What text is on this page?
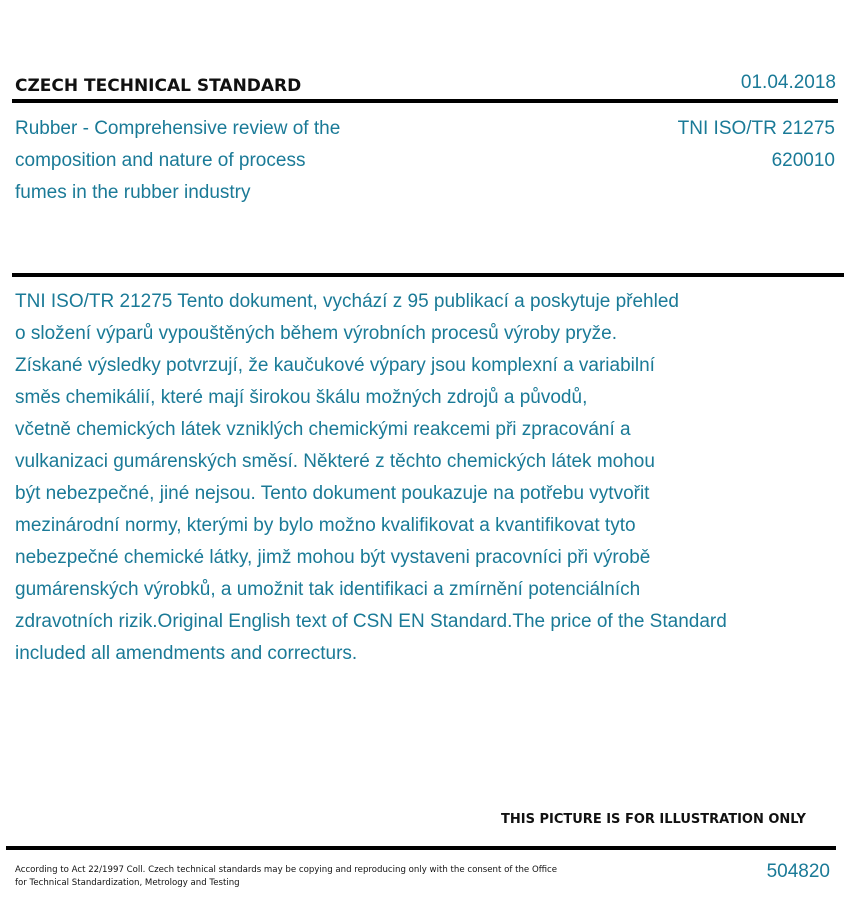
CZECH TECHNICAL STANDARD	01.04.2018
Rubber - Comprehensive review of the
composition and nature of process
fumes in the rubber industry
TNI ISO/TR 21275
620010
TNI ISO/TR 21275 Tento dokument, vychází z 95 publikací a poskytuje přehled
o složení výparů vypouštěných během výrobních procesů výroby pryže.
Získané výsledky potvrzují, že kaučukové výpary jsou komplexní a variabilní
směs chemikálií, které mají širokou škálu možných zdrojů a původů,
včetně chemických látek vzniklých chemickými reakcemi při zpracování a
vulkanizaci gumárenských směsí. Některé z těchto chemických látek mohou
být nebezpečné, jiné nejsou. Tento dokument poukazuje na potřebu vytvořit
mezinárodní normy, kterými by bylo možno kvalifikovat a kvantifikovat tyto
nebezpečné chemické látky, jimž mohou být vystaveni pracovníci při výrobě
gumárenských výrobků, a umožnit tak identifikaci a zmírnění potenciálních
zdravotních rizik.Original English text of CSN EN Standard.The price of the Standard
included all amendments and correcturs.
THIS PICTURE IS FOR ILLUSTRATION ONLY
According to Act 22/1997 Coll. Czech technical standards may be copying and reproducing only with the consent of the Office
for Technical Standardization, Metrology and Testing
504820
